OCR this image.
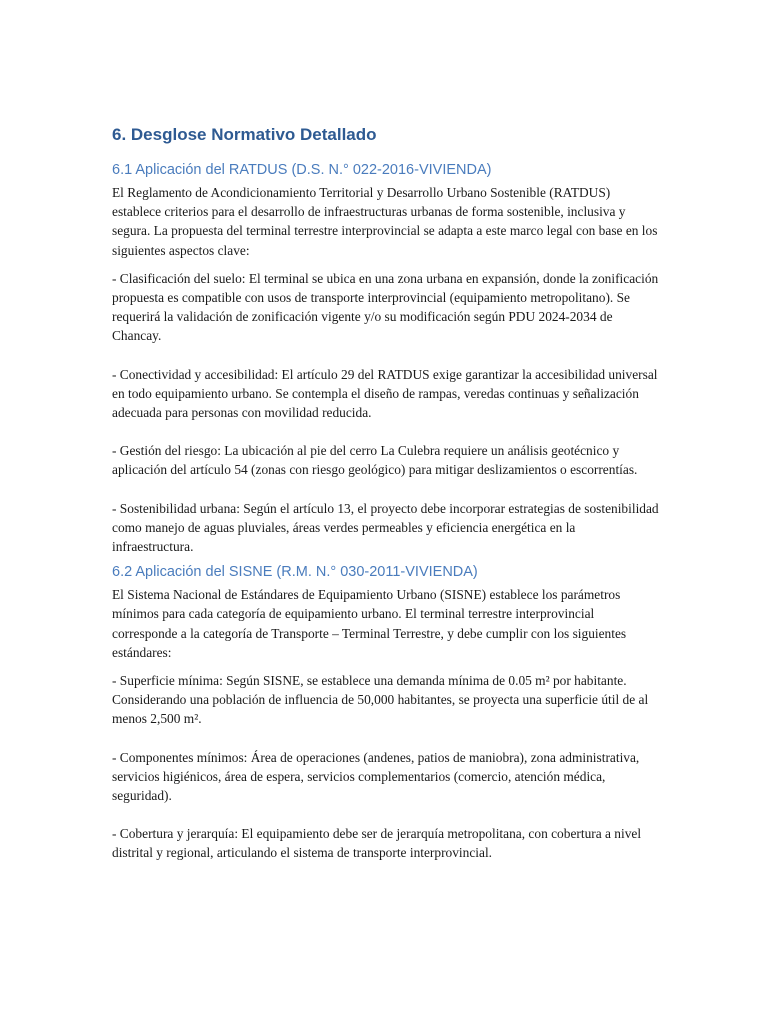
6. Desglose Normativo Detallado
6.1 Aplicación del RATDUS (D.S. N.° 022-2016-VIVIENDA)

El Reglamento de Acondicionamiento Territorial y Desarrollo Urbano Sostenible (RATDUS) establece criterios para el desarrollo de infraestructuras urbanas de forma sostenible, inclusiva y segura. La propuesta del terminal terrestre interprovincial se adapta a este marco legal con base en los siguientes aspectos clave:

- Clasificación del suelo: El terminal se ubica en una zona urbana en expansión, donde la zonificación propuesta es compatible con usos de transporte interprovincial (equipamiento metropolitano). Se requerirá la validación de zonificación vigente y/o su modificación según PDU 2024-2034 de Chancay.

- Conectividad y accesibilidad: El artículo 29 del RATDUS exige garantizar la accesibilidad universal en todo equipamiento urbano. Se contempla el diseño de rampas, veredas continuas y señalización adecuada para personas con movilidad reducida.

- Gestión del riesgo: La ubicación al pie del cerro La Culebra requiere un análisis geotécnico y aplicación del artículo 54 (zonas con riesgo geológico) para mitigar deslizamientos o escorrentías.

- Sostenibilidad urbana: Según el artículo 13, el proyecto debe incorporar estrategias de sostenibilidad como manejo de aguas pluviales, áreas verdes permeables y eficiencia energética en la infraestructura.

6.2 Aplicación del SISNE (R.M. N.° 030-2011-VIVIENDA)

El Sistema Nacional de Estándares de Equipamiento Urbano (SISNE) establece los parámetros mínimos para cada categoría de equipamiento urbano. El terminal terrestre interprovincial corresponde a la categoría de Transporte – Terminal Terrestre, y debe cumplir con los siguientes estándares:

- Superficie mínima: Según SISNE, se establece una demanda mínima de 0.05 m² por habitante. Considerando una población de influencia de 50,000 habitantes, se proyecta una superficie útil de al menos 2,500 m².

- Componentes mínimos: Área de operaciones (andenes, patios de maniobra), zona administrativa, servicios higiénicos, área de espera, servicios complementarios (comercio, atención médica, seguridad).

- Cobertura y jerarquía: El equipamiento debe ser de jerarquía metropolitana, con cobertura a nivel distrital y regional, articulando el sistema de transporte interprovincial.
